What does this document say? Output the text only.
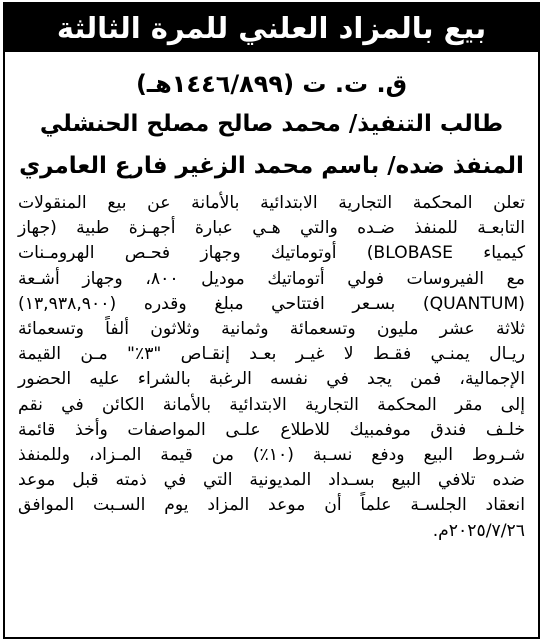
بيع بالمزاد العلني للمرة الثالثة
ق. ت. ت (١٤٤٦/٨٩٩هـ)
طالب التنفيذ/ محمد صالح مصلح الحنشلي
المنفذ ضده/ باسم محمد الزغير فارع العامري
تعلن المحكمة التجارية الابتدائية بالأمانة عن بيع المنقولات
التابعـة للمنفذ ضـده والتي هـي عبارة أجهـزة طبية (جهاز
كيمياء BLOBASE) أوتوماتيك وجهاز فحـص الهرومـنات
مع الفيروسات فولي أتوماتيك موديل ٨٠٠، وجهاز أشـعة
(QUANTUM) بسـعر افتتاحي مبلغ وقدره (١٣,٩٣٨,٩٠٠)
ثلاثة عشر مليون وتسعمائة وثمانية وثلاثون ألفاً وتسعمائة
ريـال يمنـي فقـط لا غيـر بعـد إنقـاص "٣٪" مـن القيمة
الإجمالية، فمن يجد في نفسه الرغبة بالشراء عليه الحضور
إلى مقر المحكمة التجارية الابتدائية بالأمانة الكائن في نقم
خلـف فندق موفمبيك للاطلاع علـى المواصفات وأخذ قائمة
شـروط البيع ودفع نسـبة (١٠٪) من قيمة المـزاد، وللمنفذ
ضده تلافي البيع بسـداد المديونية التي في ذمته قبل موعد
انعقاد الجلسـة علماً أن موعد المزاد يوم السـبت الموافق
٢٠٢٥/٧/٢٦م.
